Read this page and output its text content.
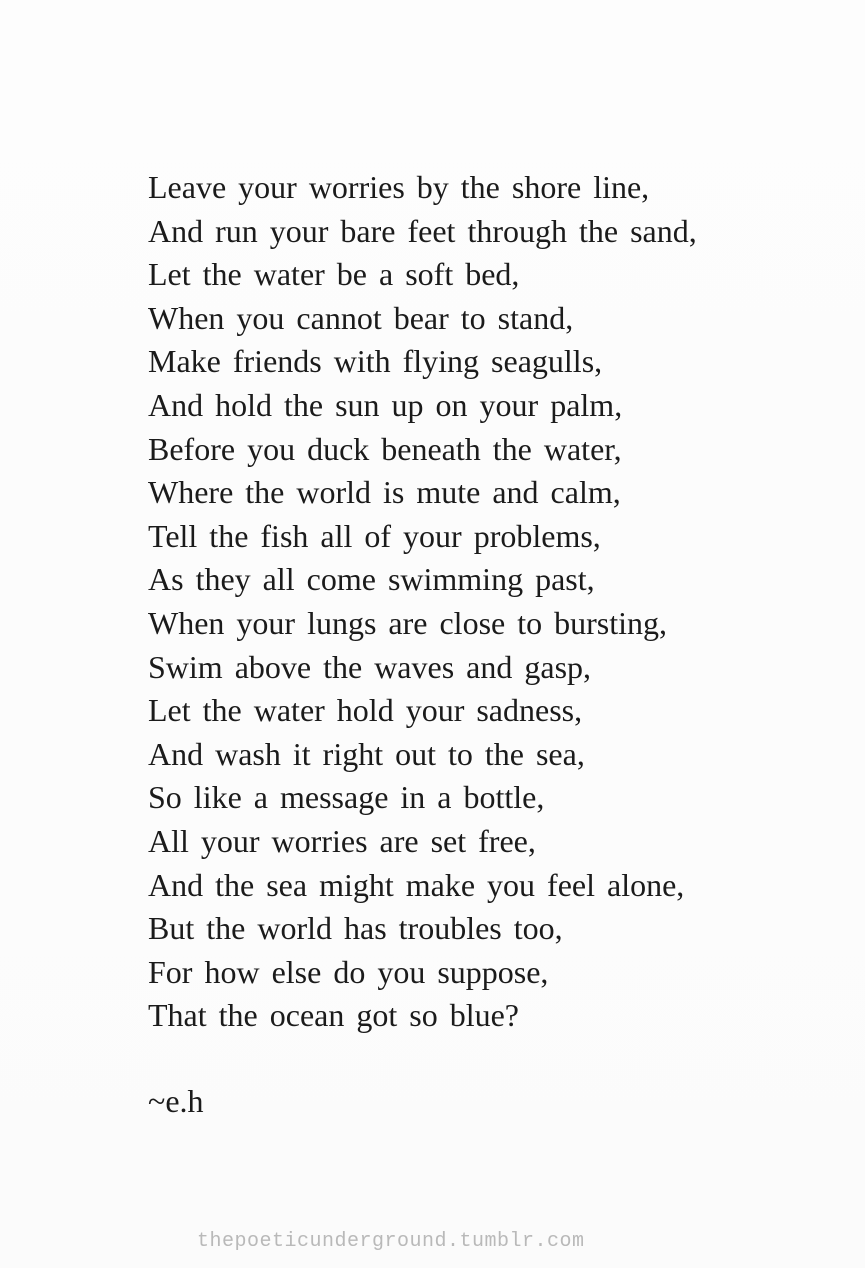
Leave your worries by the shore line,
And run your bare feet through the sand,
Let the water be a soft bed,
When you cannot bear to stand,
Make friends with flying seagulls,
And hold the sun up on your palm,
Before you duck beneath the water,
Where the world is mute and calm,
Tell the fish all of your problems,
As they all come swimming past,
When your lungs are close to bursting,
Swim above the waves and gasp,
Let the water hold your sadness,
And wash it right out to the sea,
So like a message in a bottle,
All your worries are set free,
And the sea might make you feel alone,
But the world has troubles too,
For how else do you suppose,
That the ocean got so blue?
~e.h
thepoeticunderground.tumblr.com
